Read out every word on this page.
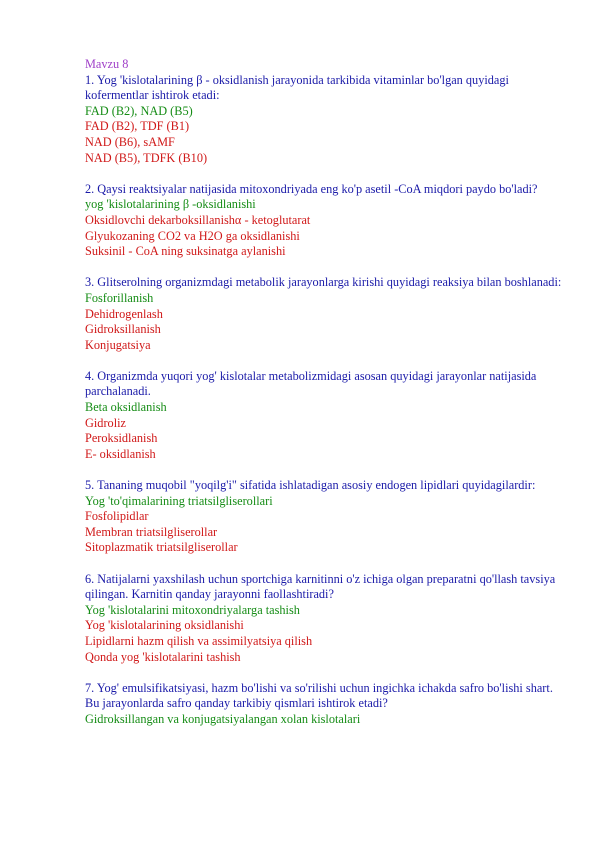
Mavzu 8
1. Yog 'kislotalarining β - oksidlanish jarayonida tarkibida vitaminlar bo'lgan quyidagi kofermentlar ishtirok etadi:
FAD (B2), NAD (B5)
FAD (B2), TDF (B1)
NAD (B6), sAMF
NAD (B5), TDFK (B10)
2. Qaysi reaktsiyalar natijasida mitoxondriyada eng ko'p asetil -CoA miqdori paydo bo'ladi?
yog 'kislotalarining β -oksidlanishi
Oksidlovchi dekarboksillanishα - ketoglutarat
Glyukozaning CO2 va H2O ga oksidlanishi
Suksinil - CoA ning suksinatga aylanishi
3. Glitserolning organizmdagi metabolik jarayonlarga kirishi quyidagi reaksiya bilan boshlanadi:
Fosforillanish
Dehidrogenlash
Gidroksillanish
Konjugatsiya
4. Organizmda yuqori yog' kislotalar metabolizmidagi asosan quyidagi jarayonlar natijasida parchalanadi.
Beta oksidlanish
Gidroliz
Peroksidlanish
E- oksidlanish
5. Tananing muqobil "yoqilg'i" sifatida ishlatadigan asosiy endogen lipidlari quyidagilardir:
Yog 'to'qimalarining triatsilgliserollari
Fosfolipidlar
Membran triatsilgliserollar
Sitoplazmatik triatsilgliserollar
6. Natijalarni yaxshilash uchun sportchiga karnitinni o'z ichiga olgan preparatni qo'llash tavsiya qilingan. Karnitin qanday jarayonni faollashtiradi?
Yog 'kislotalarini mitoxondriyalarga tashish
Yog 'kislotalarining oksidlanishi
Lipidlarni hazm qilish va assimilyatsiya qilish
Qonda yog 'kislotalarini tashish
7. Yog' emulsifikatsiyasi, hazm bo'lishi va so'rilishi uchun ingichka ichakda safro bo'lishi shart. Bu jarayonlarda safro qanday tarkibiy qismlari ishtirok etadi?
Gidroksillangan va konjugatsiyalangan xolan kislotalari
